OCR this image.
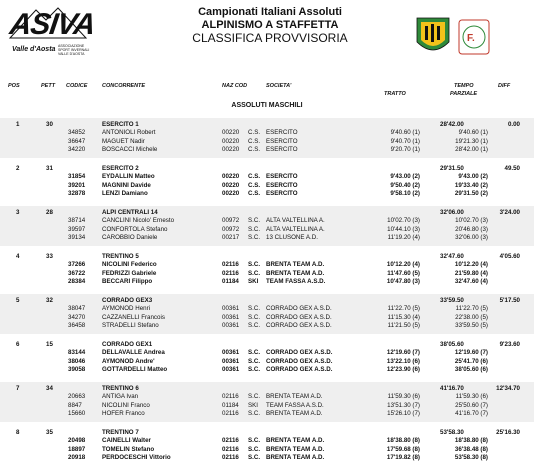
ASIVA
Valle d'Aosta ASSOCIAZIONE SPORT INVERNALI VALLE D'AOSTA
Campionati Italiani Assoluti
ALPINISMO A STAFFETTA
CLASSIFICA PROVVISORIA	F.
POS	PETT CODICE	CONCORRENTE	NAZ COD	SOCIETA'
TRATTO
TEMPO
PARZIALE
DIFF
ASSOLUTI MASCHILI
1	30	ESERCITO 1	28'42.00	0.00
34852	ANTONIOLI Robert	00220 C.S. ESERCITO	9'40.60 (1)	9'40.60 (1)
36647	MAGUET Nadir	00220 C.S. ESERCITO	9'40.70 (1)	19'21.30 (1)
34220	BOSCACCI Michele	00220 C.S. ESERCITO	9'20.70 (1)	28'42.00 (1)
2	31	ESERCITO 2	29'31.50	49.50
31854	EYDALLIN Matteo	00220 C.S. ESERCITO	9'43.00 (2)	9'43.00 (2)
39201	MAGNINI Davide	00220 C.S. ESERCITO	9'50.40 (2)	19'33.40 (2)
32878	LENZI Damiano	00220 C.S. ESERCITO	9'58.10 (2)	29'31.50 (2)
3	28	ALPI CENTRALI 14	32'06.00	3'24.00
38714	CANCLINI Nicolo' Ernesto	00972 S.C. ALTA VALTELLINA A.	10'02.70 (3)	10'02.70 (3)
39597	CONFORTOLA Stefano	00972 S.C. ALTA VALTELLINA A.	10'44.10 (3)	20'46.80 (3)
39134	CAROBBIO Daniele	00217 S.C. 13 CLUSONE A.D.	11'19.20 (4)	32'06.00 (3)
4	33	TRENTINO 5	32'47.60	4'05.60
37266	NICOLINI Federico	02116 S.C. BRENTA TEAM A.D.	10'12.20 (4)	10'12.20 (4)
36722	FEDRIZZI Gabriele	02116 S.C. BRENTA TEAM A.D.	11'47.60 (5)	21'59.80 (4)
28384	BECCARI Filippo	01184 SKI TEAM FASSA A.S.D.	10'47.80 (3)	32'47.60 (4)
5	32	CORRADO GEX3	33'59.50	5'17.50
38047	AYMONOD Henri	00361 S.C. CORRADO GEX A.S.D.	11'22.70 (5)	11'22.70 (5)
34270	CAZZANELLI Francois	00361 S.C. CORRADO GEX A.S.D.	11'15.30 (4)	22'38.00 (5)
36458	STRADELLI Stefano	00361 S.C. CORRADO GEX A.S.D.	11'21.50 (5)	33'59.50 (5)
6	15	CORRADO GEX1	38'05.60	9'23.60
83144	DELLAVALLE Andrea	00361 S.C. CORRADO GEX A.S.D.	12'19.60 (7)	12'19.60 (7)
38046	AYMONOD Andre'	00361 S.C. CORRADO GEX A.S.D.	13'22.10 (6)	25'41.70 (6)
39058	GOTTARDELLI Matteo	00361 S.C. CORRADO GEX A.S.D.	12'23.90 (6)	38'05.60 (6)
7	34	TRENTINO 6	41'16.70	12'34.70
20663	ANTIGA Ivan	02116 S.C. BRENTA TEAM A.D.	11'59.30 (6)	11'59.30 (6)
8847	NICOLINI Franco	01184 SKI TEAM FASSA A.S.D.	13'51.30 (7)	25'50.60 (7)
15660	HOFER Franco	02116 S.C. BRENTA TEAM A.D.	15'26.10 (7)	41'16.70 (7)
8	35	TRENTINO 7	53'58.30	25'16.30
20498	CAINELLI Walter	02116 S.C. BRENTA TEAM A.D.	18'38.80 (8)	18'38.80 (8)
18897	TOMELIN Stefano	02116 S.C. BRENTA TEAM A.D.	17'59.68 (8)	36'38.48 (8)
20918	PERDOCESCHI Vittorio	02116 S.C. BRENTA TEAM A.D.	17'19.82 (8)	53'58.30 (8)
